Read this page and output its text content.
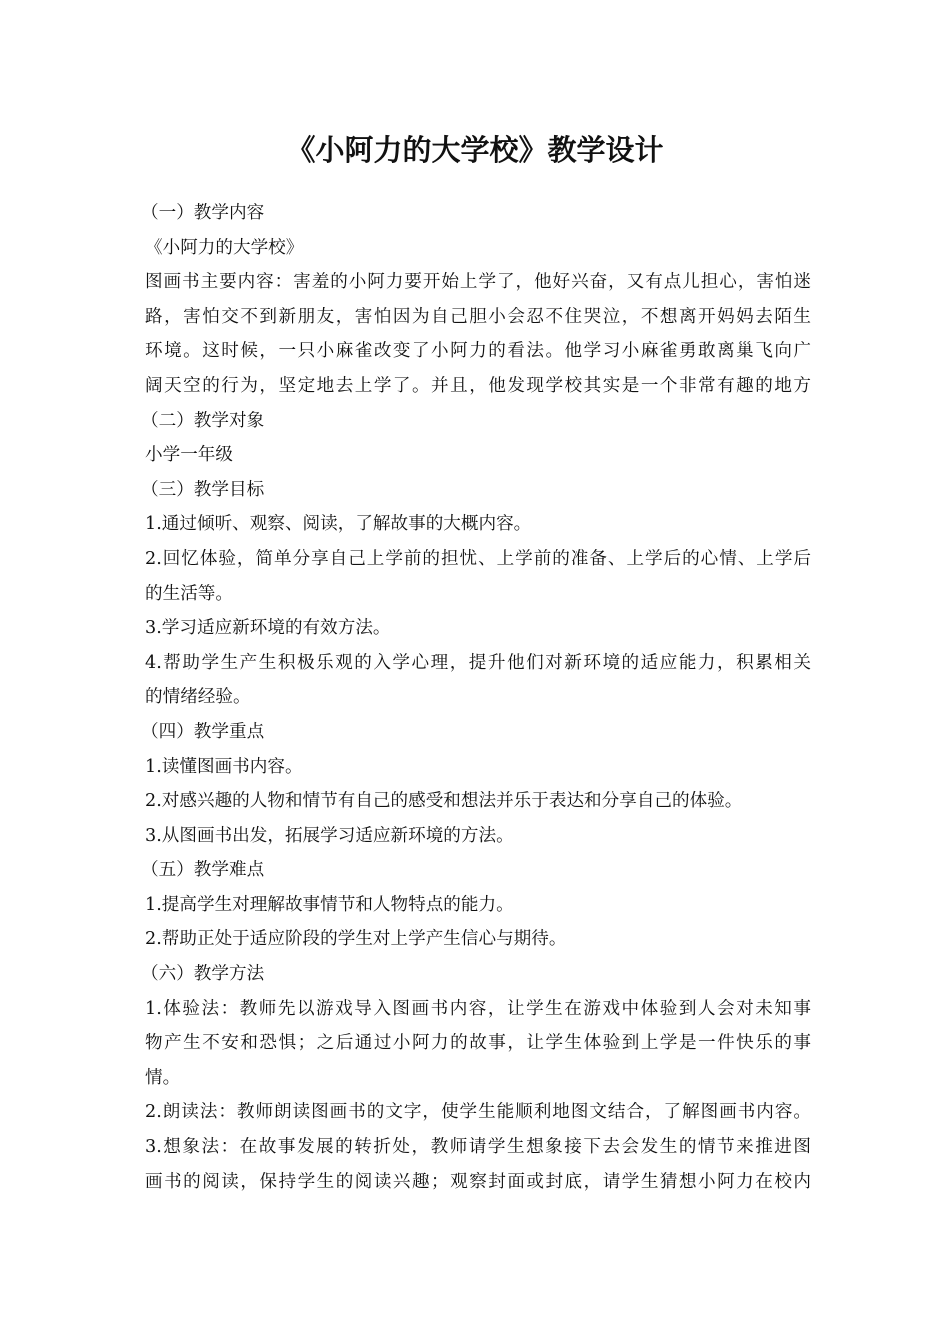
《小阿力的大学校》教学设计
（一）教学内容
《小阿力的大学校》
图画书主要内容：害羞的小阿力要开始上学了，他好兴奋，又有点儿担心，害怕迷
路，害怕交不到新朋友，害怕因为自己胆小会忍不住哭泣，不想离开妈妈去陌生
环境。这时候，一只小麻雀改变了小阿力的看法。他学习小麻雀勇敢离巢飞向广
阔天空的行为，坚定地去上学了。并且，他发现学校其实是一个非常有趣的地方
（二）教学对象
小学一年级
（三）教学目标
1.通过倾听、观察、阅读，了解故事的大概内容。
2.回忆体验，简单分享自己上学前的担忧、上学前的准备、上学后的心情、上学后
的生活等。
3.学习适应新环境的有效方法。
4.帮助学生产生积极乐观的入学心理，提升他们对新环境的适应能力，积累相关
的情绪经验。
（四）教学重点
1.读懂图画书内容。
2.对感兴趣的人物和情节有自己的感受和想法并乐于表达和分享自己的体验。
3.从图画书出发，拓展学习适应新环境的方法。
（五）教学难点
1.提高学生对理解故事情节和人物特点的能力。
2.帮助正处于适应阶段的学生对上学产生信心与期待。
（六）教学方法
1.体验法：教师先以游戏导入图画书内容，让学生在游戏中体验到人会对未知事
物产生不安和恐惧；之后通过小阿力的故事，让学生体验到上学是一件快乐的事
情。
2.朗读法：教师朗读图画书的文字，使学生能顺利地图文结合，了解图画书内容。
3.想象法：在故事发展的转折处，教师请学生想象接下去会发生的情节来推进图
画书的阅读，保持学生的阅读兴趣；观察封面或封底，请学生猜想小阿力在校内
